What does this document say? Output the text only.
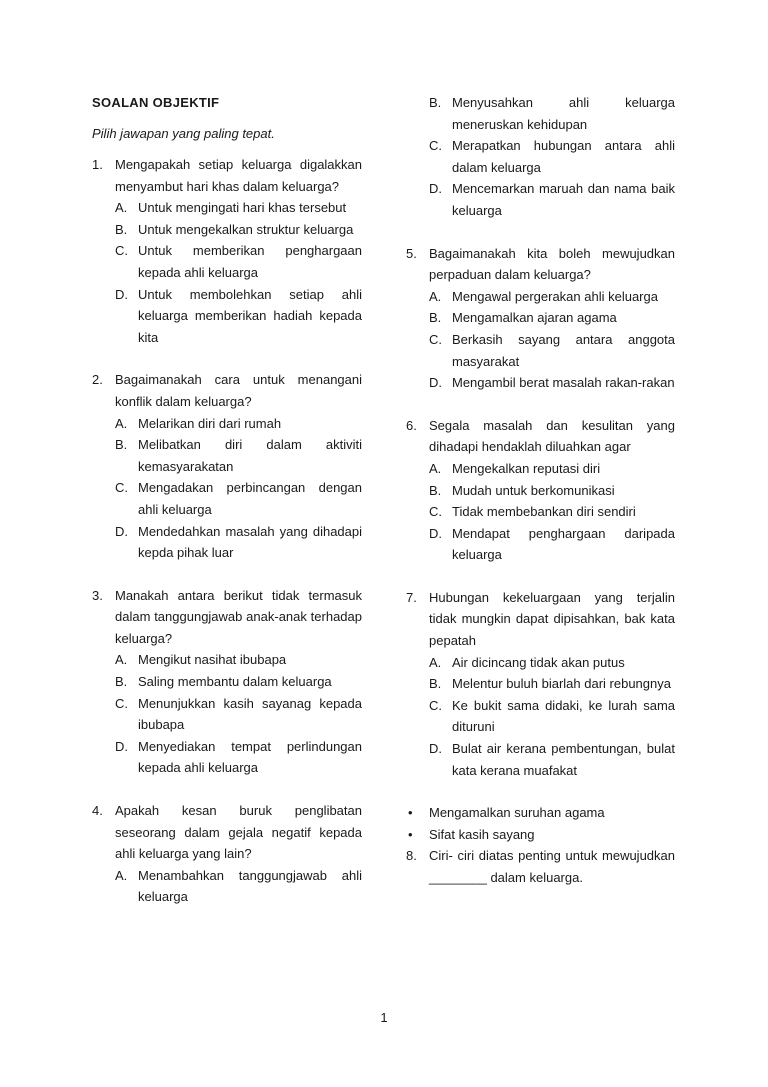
SOALAN OBJEKTIF
Pilih jawapan yang paling tepat.
1. Mengapakah setiap keluarga digalakkan menyambut hari khas dalam keluarga?
A. Untuk mengingati hari khas tersebut
B. Untuk mengekalkan struktur keluarga
C. Untuk memberikan penghargaan kepada ahli keluarga
D. Untuk membolehkan setiap ahli keluarga memberikan hadiah kepada kita
2. Bagaimanakah cara untuk menangani konflik dalam keluarga?
A. Melarikan diri dari rumah
B. Melibatkan diri dalam aktiviti kemasyarakatan
C. Mengadakan perbincangan dengan ahli keluarga
D. Mendedahkan masalah yang dihadapi kepda pihak luar
3. Manakah antara berikut tidak termasuk dalam tanggungjawab anak-anak terhadap keluarga?
A. Mengikut nasihat ibubapa
B. Saling membantu dalam keluarga
C. Menunjukkan kasih sayanag kepada ibubapa
D. Menyediakan tempat perlindungan kepada ahli keluarga
4. Apakah kesan buruk penglibatan seseorang dalam gejala negatif kepada ahli keluarga yang lain?
A. Menambahkan tanggungjawab ahli keluarga
B. Menyusahkan ahli keluarga meneruskan kehidupan
C. Merapatkan hubungan antara ahli dalam keluarga
D. Mencemarkan maruah dan nama baik keluarga
5. Bagaimanakah kita boleh mewujudkan perpaduan dalam keluarga?
A. Mengawal pergerakan ahli keluarga
B. Mengamalkan ajaran agama
C. Berkasih sayang antara anggota masyarakat
D. Mengambil berat masalah rakan-rakan
6. Segala masalah dan kesulitan yang dihadapi hendaklah diluahkan agar
A. Mengekalkan reputasi diri
B. Mudah untuk berkomunikasi
C. Tidak membebankan diri sendiri
D. Mendapat penghargaan daripada keluarga
7. Hubungan kekeluargaan yang terjalin tidak mungkin dapat dipisahkan, bak kata pepatah
A. Air dicincang tidak akan putus
B. Melentur buluh biarlah dari rebungnya
C. Ke bukit sama didaki, ke lurah sama dituruni
D. Bulat air kerana pembentungan, bulat kata kerana muafakat
• Mengamalkan suruhan agama
• Sifat kasih sayang
8. Ciri- ciri diatas penting untuk mewujudkan ________ dalam keluarga.
1
